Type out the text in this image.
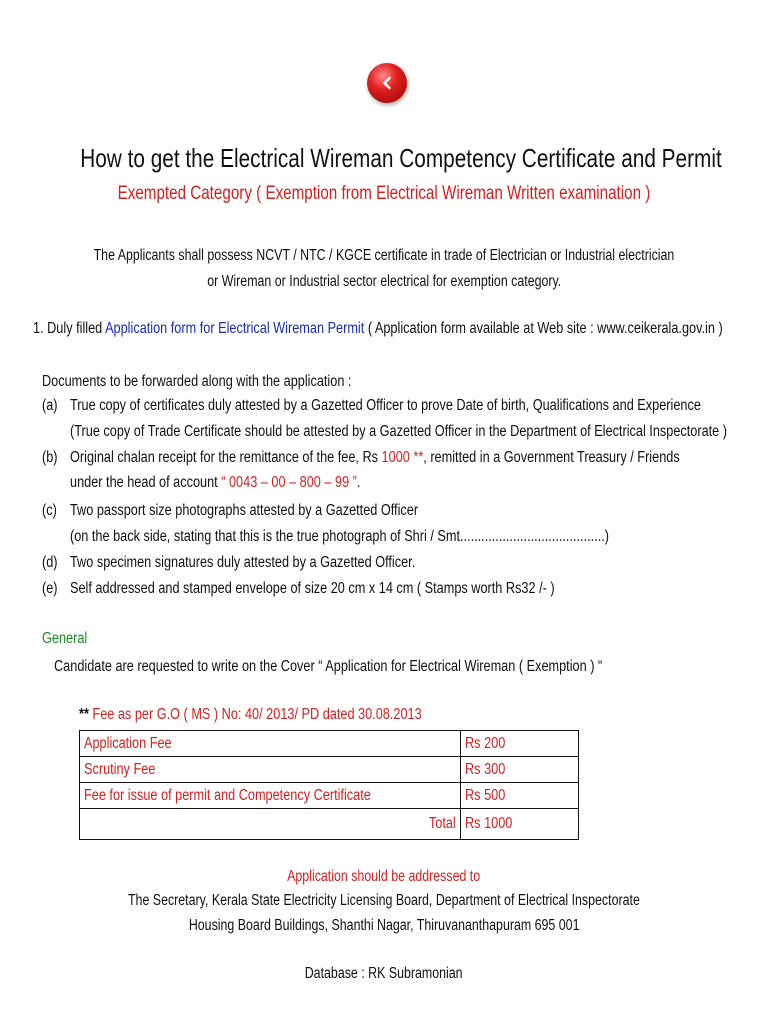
How to get the Electrical Wireman Competency Certificate and Permit
Exempted Category ( Exemption from Electrical Wireman Written examination )
The Applicants shall possess NCVT / NTC / KGCE certificate in trade of Electrician or Industrial electrician
or Wireman or Industrial sector electrical for exemption category.
1. Duly filled Application form for Electrical Wireman Permit ( Application form available at Web site : www.ceikerala.gov.in )
Documents to be forwarded along with the application :
(a) True copy of certificates duly attested by a Gazetted Officer to prove Date of birth, Qualifications and Experience
(True copy of Trade Certificate should be attested by a Gazetted Officer in the Department of Electrical Inspectorate )
(b) Original chalan receipt for the remittance of the fee, Rs 1000 **, remitted in a Government Treasury / Friends
under the head of account “ 0043 – 00 – 800 – 99 ”.
(c) Two passport size photographs attested by a Gazetted Officer
(on the back side, stating that this is the true photograph of Shri / Smt.........................................)
(d) Two specimen signatures duly attested by a Gazetted Officer.
(e) Self addressed and stamped envelope of size 20 cm x 14 cm ( Stamps worth Rs32 /- )
General
Candidate are requested to write on the Cover “ Application for Electrical Wireman ( Exemption ) “
** Fee as per G.O ( MS ) No: 40/ 2013/ PD dated 30.08.2013
Application Fee	Rs 200
Scrutiny Fee	Rs 300
Fee for issue of permit and Competency Certificate	Rs 500
Total	Rs 1000
Application should be addressed to
The Secretary, Kerala State Electricity Licensing Board, Department of Electrical Inspectorate
Housing Board Buildings, Shanthi Nagar, Thiruvananthapuram 695 001
Database : RK Subramonian
